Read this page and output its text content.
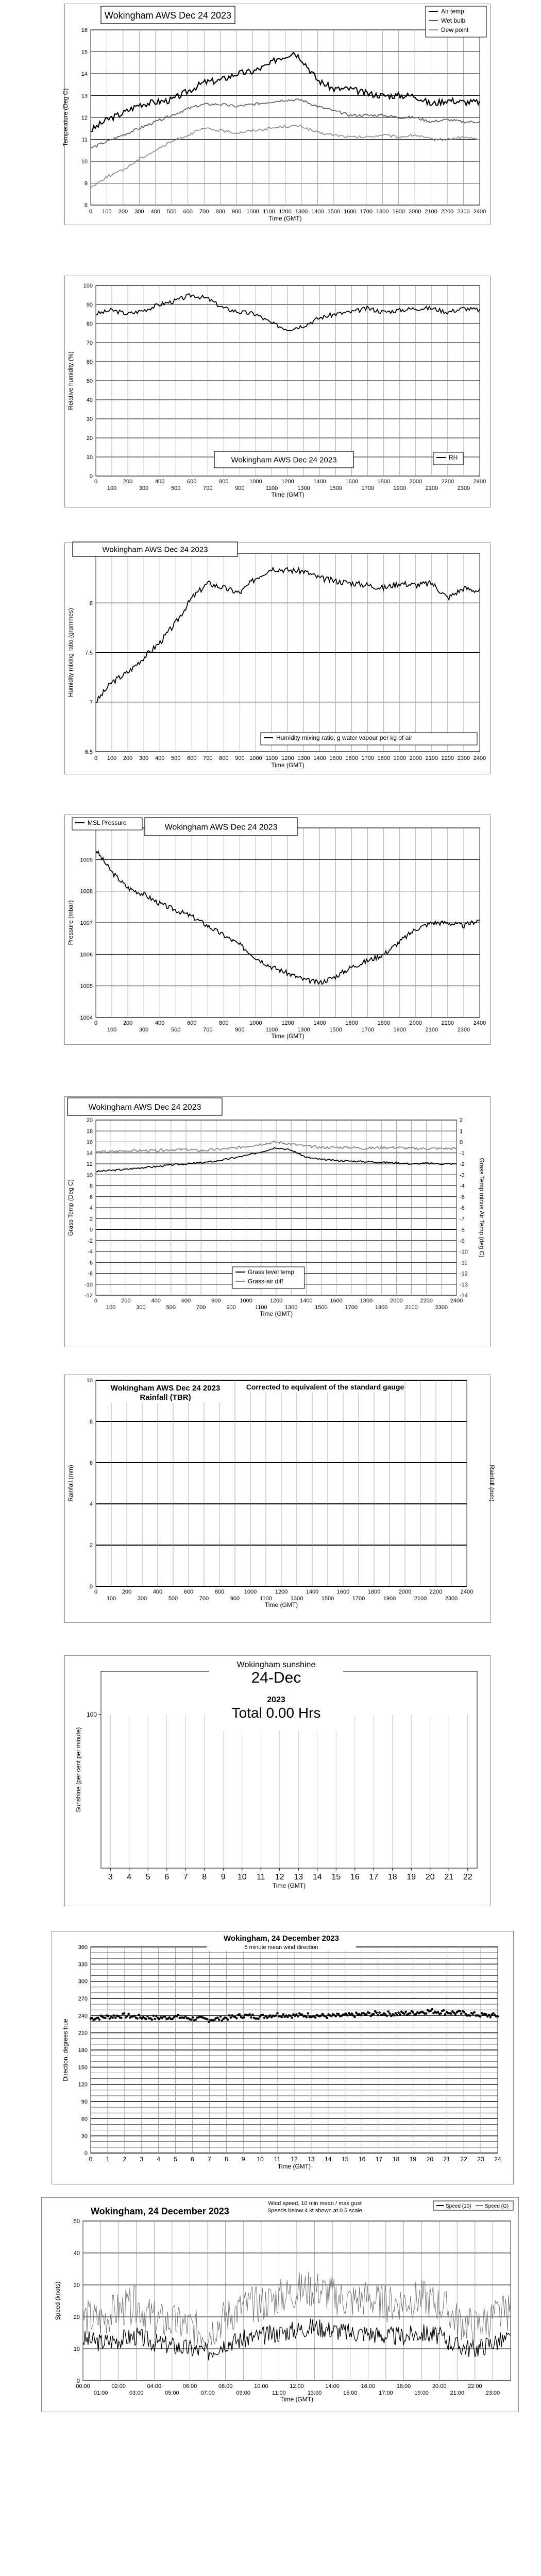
8
9
10
11
12
13
14
15
16
0 100 200 300 400 500 600 700 800 900 1000 1100 1200 1300 1400 1500 1600 1700 1800 1900 2000 2100 2200 2300 2400
Time (GMT)
Temperature (Deg C)
Wokingham AWS Dec 24 2023	Air temp
Wet bulb
Dew point
0
10
20
30
40
50
60
70
80
90
100
0	200	400	600	800	1000	1200	1400	1600	1800	2000	2200	2400
100	300	500	700	900	1100	1300	1500	1700	1900	2100	2300
Time (GMT)
Relative humidity (%)
Wokingham AWS Dec 24 2023	RH
6.5
7
7.5
8
0 100 200 300 400 500 600 700 800 900 1000 1100 1200 1300 1400 1500 1600 1700 1800 1900 2000 2100 2200 2300 2400
Time (GMT)
Humidity mixing ratio (grammes)
Wokingham AWS Dec 24 2023
Humidity mixing ratio, g water vapour per kg of air
1004
1005
1006
1007
1008
1009
0	200	400	600	800	1000	1200	1400	1600	1800	2000	2200	2400
100	300	500	700	900	1100	1300	1500	1700	1900	2100	2300
Time (GMT)
Pressure (mbar)
Wokingham AWS Dec 24 2023
MSL Pressure
-12
-10
-8
-6
-4
-2
0
2
4
6
8
10
12
14
16
18
20
-14
-13
-12
-11
-10
-9
-8
-7
-6
-5
-4
-3
-2
-1
0
1
2
0	200	400	600	800	1000	1200	1400	1600	1800	2000	2200	2400
100	300	500	700	900	1100	1300	1500	1700	1900	2100	2300
Time (GMT)
Grass Temp (Deg C)	Grass Temp minus Air Temp (deg C)
Wokingham AWS Dec 24 2023
Grass level temp
Grass-air diff
0
2
4
6
8
10
0	200	400	600	800	1000	1200	1400	1600	1800	2000	2200	2400
100	300	500	700	900	1100	1300	1500	1700	1900	2100	2300
Time (GMT)
Rainfall (mm)	Rainfall (mm)
Wokingham AWS Dec 24 2023
Rainfall (TBR)
Corrected to equivalent of the standard gauge
100
3 4 5 6 7 8 9 10 11 12 13 14 15 16 17 18 19 20 21 22
Time (GMT)
Sunshine (per cent per minute)
Wokingham sunshine
24-Dec
2023
Total 0.00 Hrs
0
30
60
90
120
150
180
210
240
270
300
330
360
0 1 2 3 4 5 6 7 8 9 10 11 12 13 14 15 16 17 18 19 20 21 22 23 24
Time (GMT)
Direction, degrees true
Wokingham, 24 December 2023
5 minute mean wind direction
0
10
20
30
40
50
00:00	02:00	04:00	06:00	08:00	10:00	12:00	14:00	16:00	18:00	20:00	22:00
01:00	03:00	05:00	07:00	09:00	11:00	13:00	15:00	17:00	19:00	21:00	23:00
Time (GMT)
Speed (knots)
Wokingham, 24 December 2023
Wind speed, 10 min mean / max gust
Speeds below 4 kt shown at 0.5 scale
Speed (10)	Speed (G)
